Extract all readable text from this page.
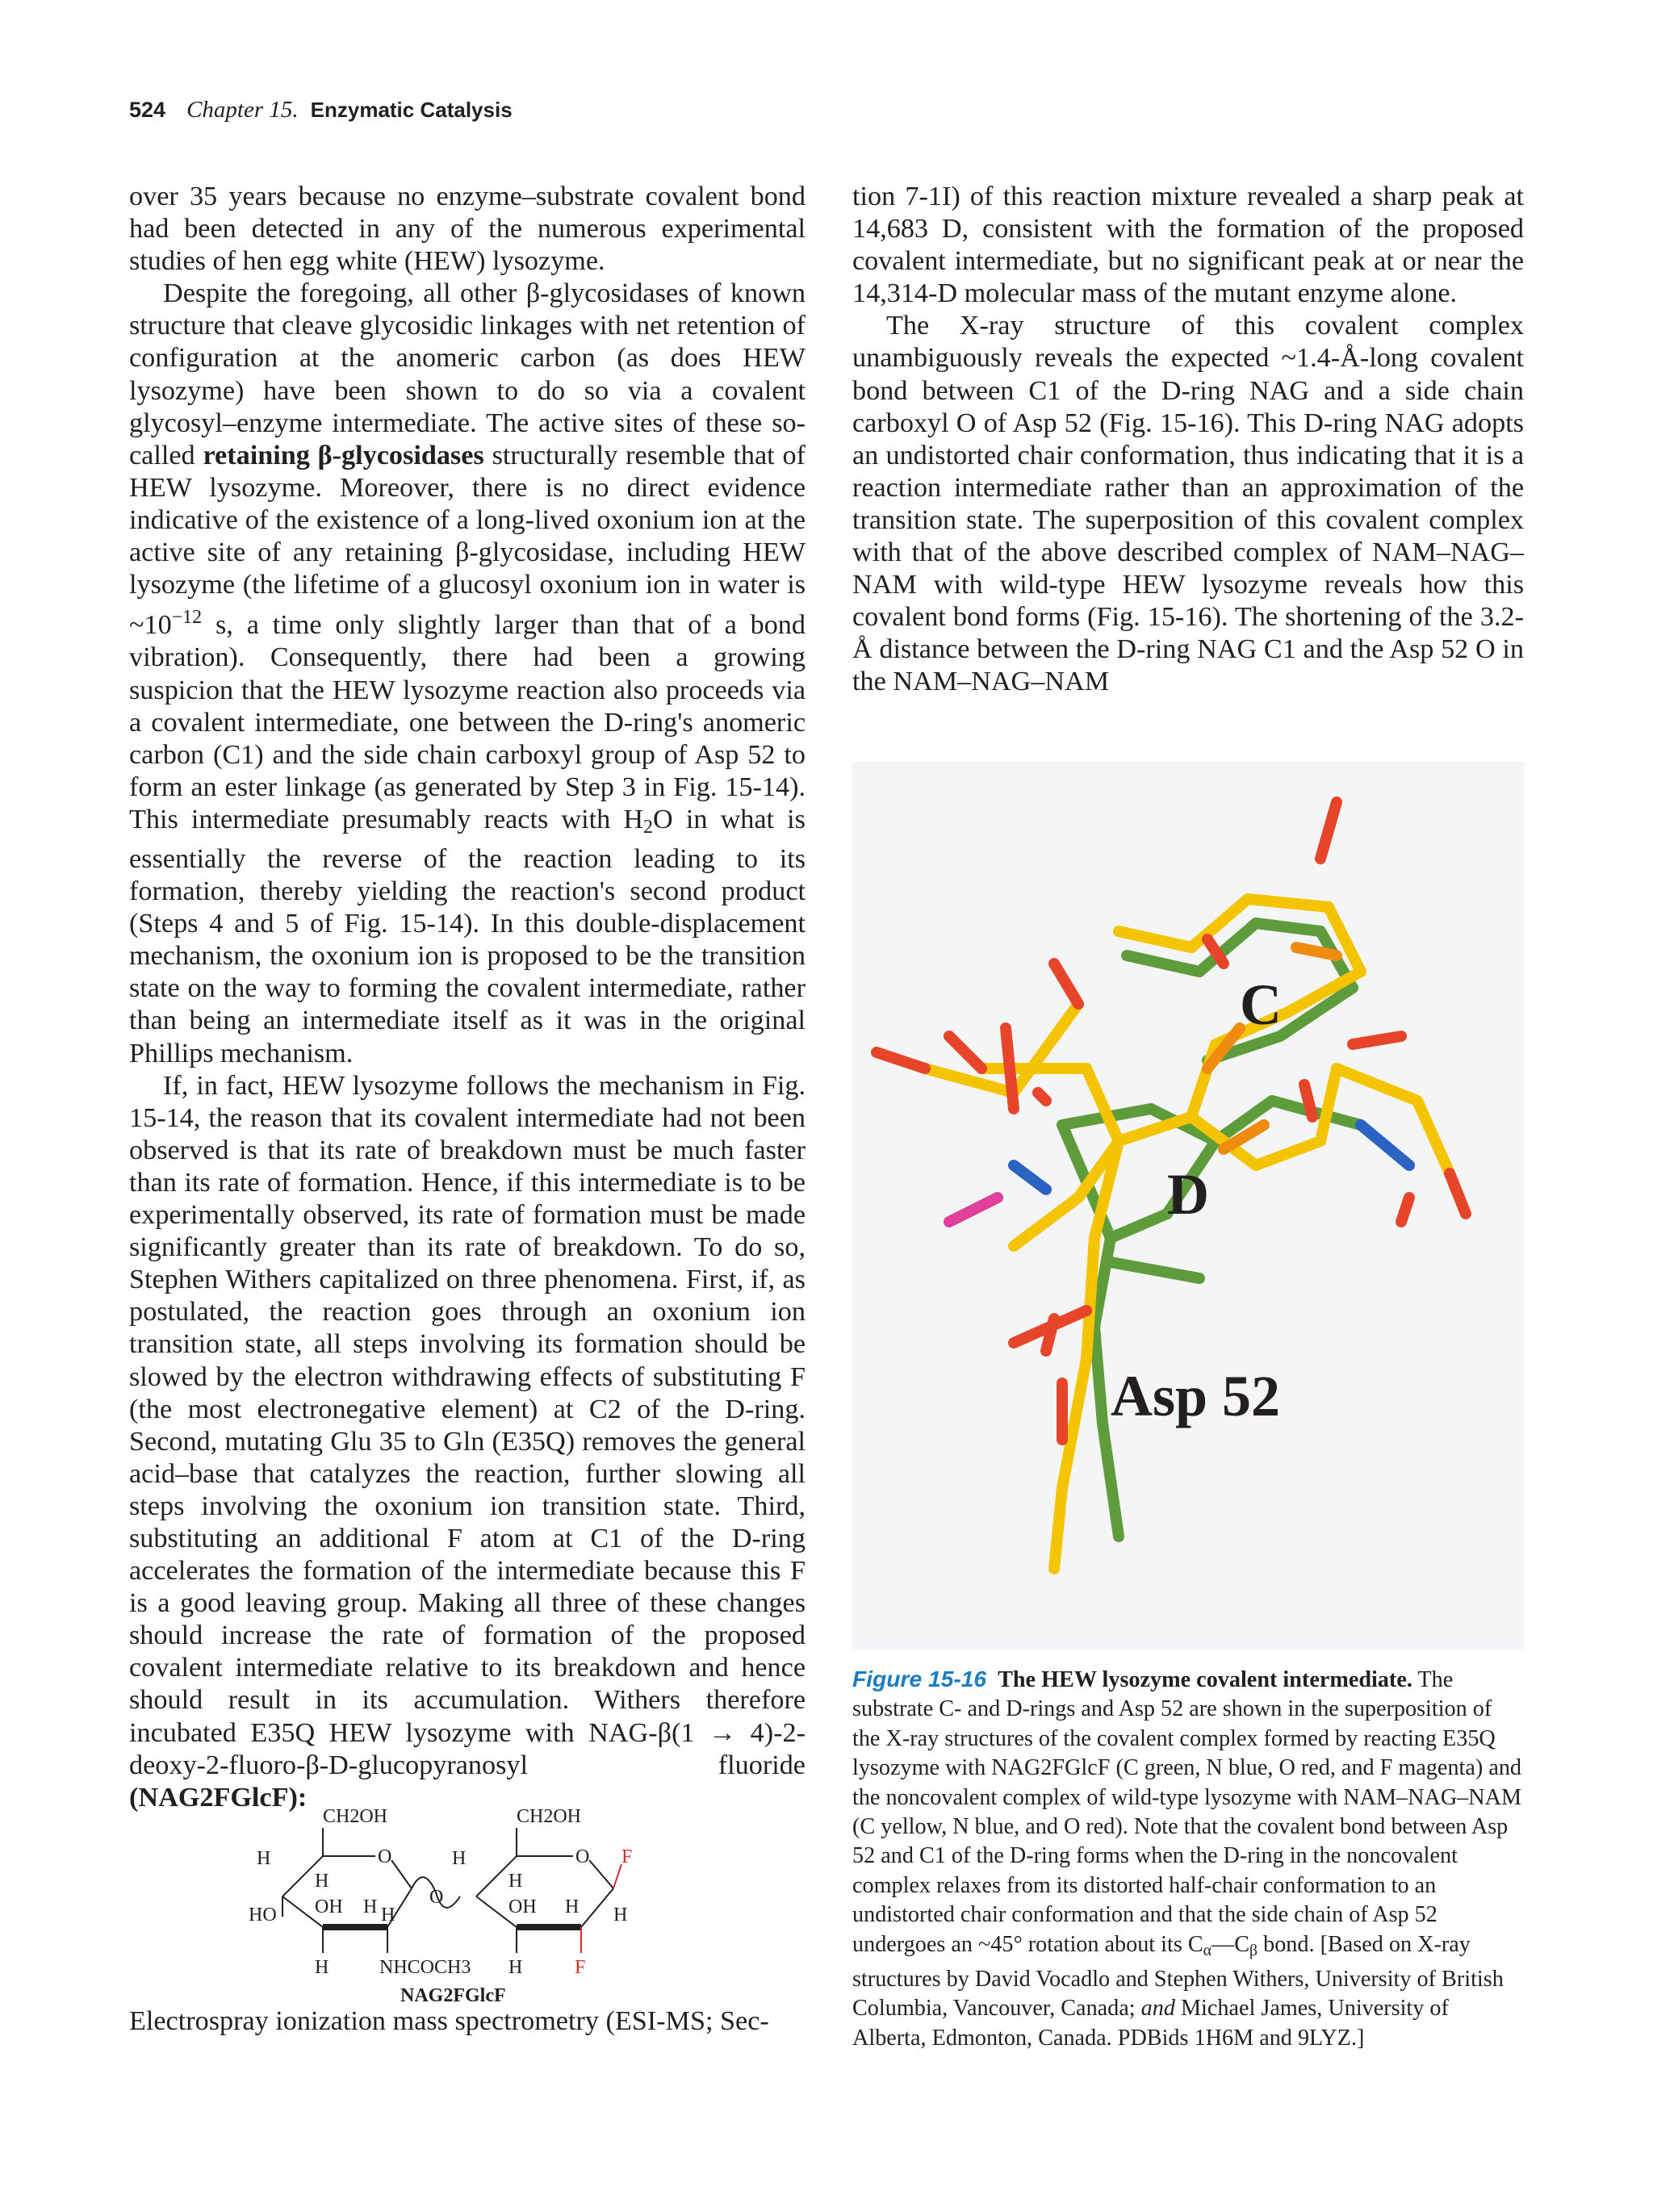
524 Chapter 15. Enzymatic Catalysis

over 35 years because no enzyme–substrate covalent bond had been detected in any of the numerous experimental studies of hen egg white (HEW) lysozyme.

Despite the foregoing, all other β-glycosidases of known structure that cleave glycosidic linkages with net retention of configuration at the anomeric carbon (as does HEW lysozyme) have been shown to do so via a covalent glycosyl–enzyme intermediate. The active sites of these so-called retaining β-glycosidases structurally resemble that of HEW lysozyme. Moreover, there is no direct evidence indicative of the existence of a long-lived oxonium ion at the active site of any retaining β-glycosidase, including HEW lysozyme (the lifetime of a glucosyl oxonium ion in water is $\sim 10^{-12}$ s, a time only slightly larger than that of a bond vibration). Consequently, there had been a growing suspicion that the HEW lysozyme reaction also proceeds via a covalent intermediate, one between the D-ring's anomeric carbon (C1) and the side chain carboxyl group of Asp 52 to form an ester linkage (as generated by Step 3 in Fig. 15-14). This intermediate presumably reacts with $H_2O$ in what is essentially the reverse of the reaction leading to its formation, thereby yielding the reaction's second product (Steps 4 and 5 of Fig. 15-14). In this double-displacement mechanism, the oxonium ion is proposed to be the transition state on the way to forming the covalent intermediate, rather than being an intermediate itself as it was in the original Phillips mechanism.

If, in fact, HEW lysozyme follows the mechanism in Fig. 15-14, the reason that its covalent intermediate had not been observed is that its rate of breakdown must be much faster than its rate of formation. Hence, if this intermediate is to be experimentally observed, its rate of formation must be made significantly greater than its rate of breakdown. To do so, Stephen Withers capitalized on three phenomena. First, if, as postulated, the reaction goes through an oxonium ion transition state, all steps involving its formation should be slowed by the electron withdrawing effects of substituting F (the most electronegative element) at C2 of the D-ring. Second, mutating Glu 35 to Gln (E35Q) removes the general acid–base that catalyzes the reaction, further slowing all steps involving the oxonium ion transition state. Third, substituting an additional F atom at C1 of the D-ring accelerates the formation of the intermediate because this F is a good leaving group. Making all three of these changes should increase the rate of formation of the proposed covalent intermediate relative to its breakdown and hence should result in its accumulation. Withers therefore incubated E35Q HEW lysozyme with NAG-β(1 → 4)-2-deoxy-2-fluoro-β-D-glucopyranosyl fluoride (NAG2FGlcF):

CH2OH	CH2OH
O	O
O
H	H
H	H
OH	OH
H	H
HO	H	H
F
H	H
NHCOCH3	F
NAG2FGlcF

Electrospray ionization mass spectrometry (ESI-MS; Sec-

tion 7-1I) of this reaction mixture revealed a sharp peak at 14,683 D, consistent with the formation of the proposed covalent intermediate, but no significant peak at or near the 14,314-D molecular mass of the mutant enzyme alone.

The X-ray structure of this covalent complex unambiguously reveals the expected ~1.4-Å-long covalent bond between C1 of the D-ring NAG and a side chain carboxyl O of Asp 52 (Fig. 15-16). This D-ring NAG adopts an undistorted chair conformation, thus indicating that it is a reaction intermediate rather than an approximation of the transition state. The superposition of this covalent complex with that of the above described complex of NAM–NAG–NAM with wild-type HEW lysozyme reveals how this covalent bond forms (Fig. 15-16). The shortening of the 3.2-Å distance between the D-ring NAG C1 and the Asp 52 O in the NAM–NAG–NAM

C
D
Asp 52
Figure 15-16 The HEW lysozyme covalent intermediate. The substrate C- and D-rings and Asp 52 are shown in the superposition of the X-ray structures of the covalent complex formed by reacting E35Q lysozyme with NAG2FGlcF (C green, N blue, O red, and F magenta) and the noncovalent complex of wild-type lysozyme with NAM–NAG–NAM (C yellow, N blue, and O red). Note that the covalent bond between Asp 52 and C1 of the D-ring forms when the D-ring in the noncovalent complex relaxes from its distorted half-chair conformation to an undistorted chair conformation and that the side chain of Asp 52 undergoes an ~45° rotation about its $C_\alpha—C_\beta$ bond. [Based on X-ray structures by David Vocadlo and Stephen Withers, University of British Columbia, Vancouver, Canada; and Michael James, University of Alberta, Edmonton, Canada. PDBids 1H6M and 9LYZ.]
